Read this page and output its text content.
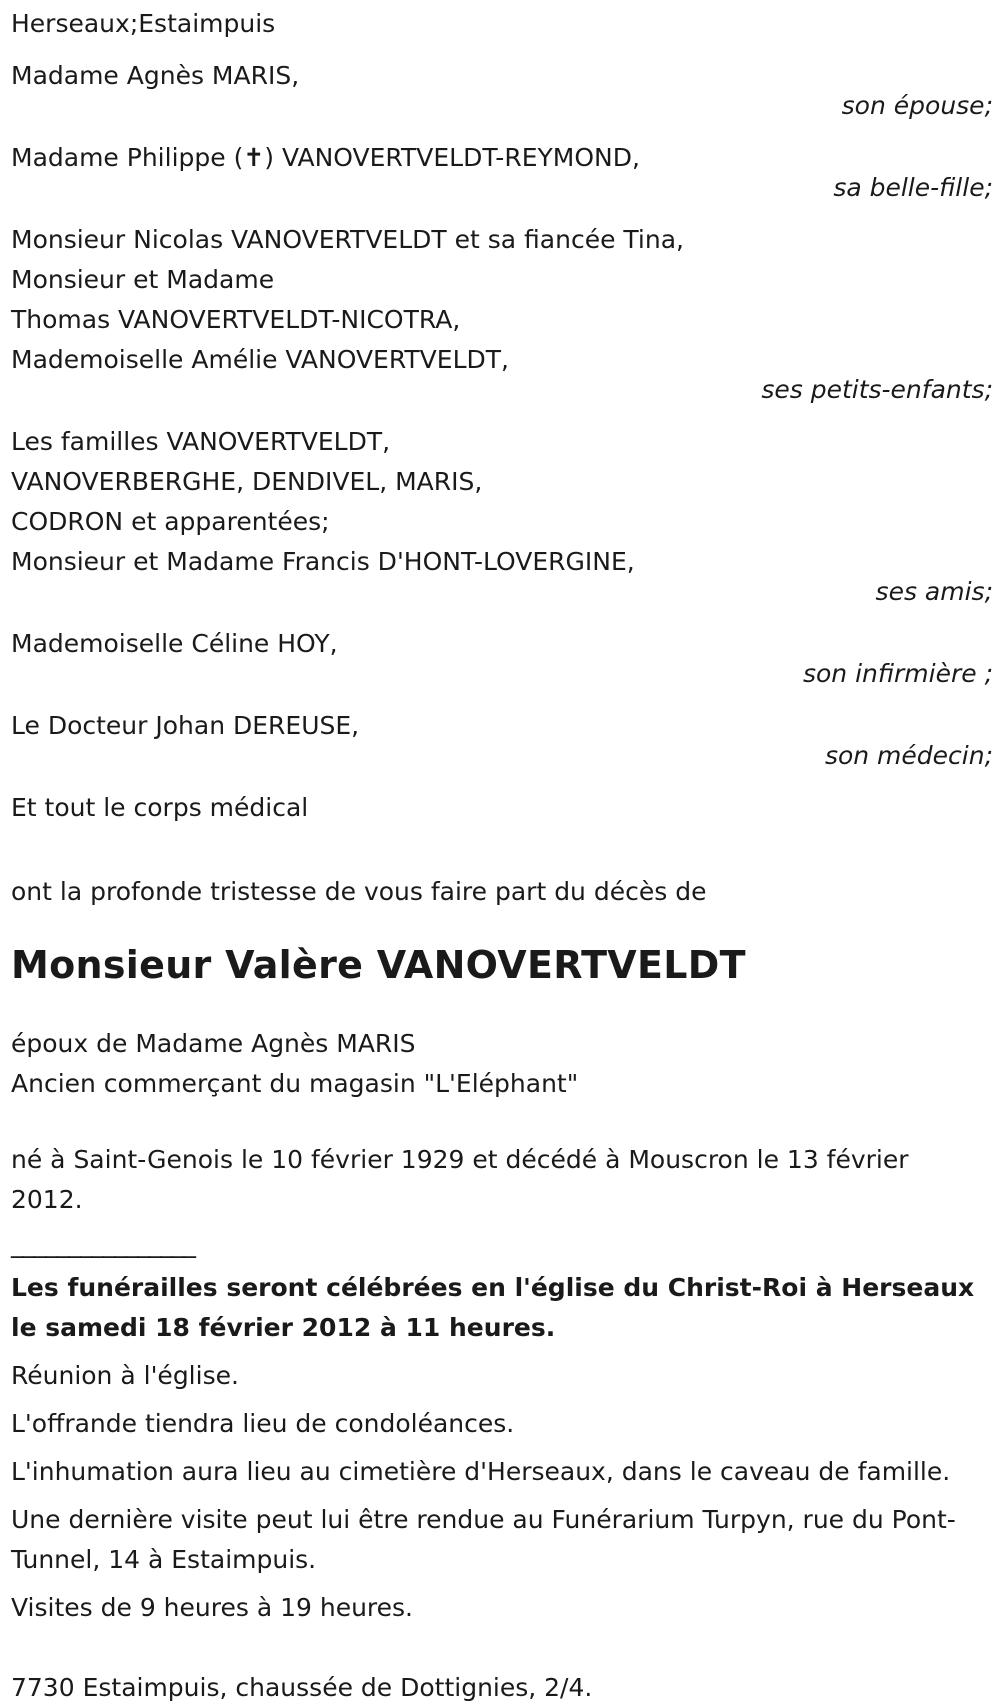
Herseaux;Estaimpuis
Madame Agnès MARIS,
son épouse;
Madame Philippe (✝) VANOVERTVELDT-REYMOND,
sa belle-fille;
Monsieur Nicolas VANOVERTVELDT et sa fiancée Tina,
Monsieur et Madame
Thomas VANOVERTVELDT-NICOTRA,
Mademoiselle Amélie VANOVERTVELDT,
ses petits-enfants;
Les familles VANOVERTVELDT,
VANOVERBERGHE, DENDIVEL, MARIS,
CODRON et apparentées;
Monsieur et Madame Francis D'HONT-LOVERGINE,
ses amis;
Mademoiselle Céline HOY,
son infirmière ;
Le Docteur Johan DEREUSE,
son médecin;
Et tout le corps médical
ont la profonde tristesse de vous faire part du décès de
Monsieur Valère VANOVERTVELDT
époux de Madame Agnès MARIS
Ancien commerçant du magasin "L'Eléphant"
né à Saint-Genois le 10 février 1929 et décédé à Mouscron le 13 février 2012.
________________
Les funérailles seront célébrées en l'église du Christ-Roi à Herseaux le samedi 18 février 2012 à 11 heures.
Réunion à l'église.
L'offrande tiendra lieu de condoléances.
L'inhumation aura lieu au cimetière d'Herseaux, dans le caveau de famille.
Une dernière visite peut lui être rendue au Funérarium Turpyn, rue du Pont-Tunnel, 14 à Estaimpuis.
Visites de 9 heures à 19 heures.
7730 Estaimpuis, chaussée de Dottignies, 2/4.
